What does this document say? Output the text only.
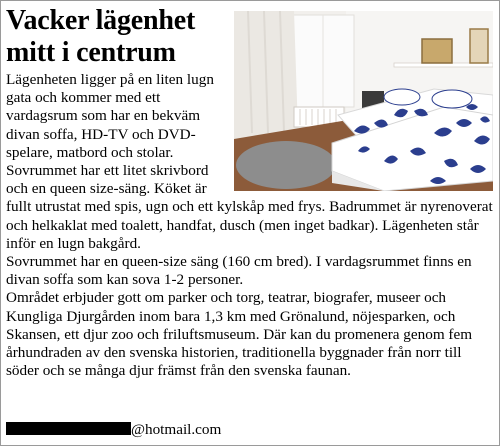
Vacker lägenhet mitt i centrum

Lägenheten ligger på en liten lugn gata och kommer med ett vardagsrum som har en bekväm divan soffa, HD-TV och DVD-spelare, matbord och stolar. Sovrummet har ett litet skrivbord och en queen size-säng. Köket är fullt utrustat med spis, ugn och ett kylskåp med frys. Badrummet är nyrenoverat och helkaklat med toalett, handfat, dusch (men inget badkar). Lägenheten står inför en lugn bakgård.

Sovrummet har en queen-size säng (160 cm bred). I vardagsrummet finns en divan soffa som kan sova 1-2 personer.

Området erbjuder gott om parker och torg, teatrar, biografer, museer och Kungliga Djurgården inom bara 1,3 km med Grönalund, nöjesparken, och Skansen, ett djur zoo och friluftsmuseum. Där kan du promenera genom fem århundraden av den svenska historien, traditionella byggnader från norr till söder och se många djur främst från den svenska faunan.

@hotmail.com
